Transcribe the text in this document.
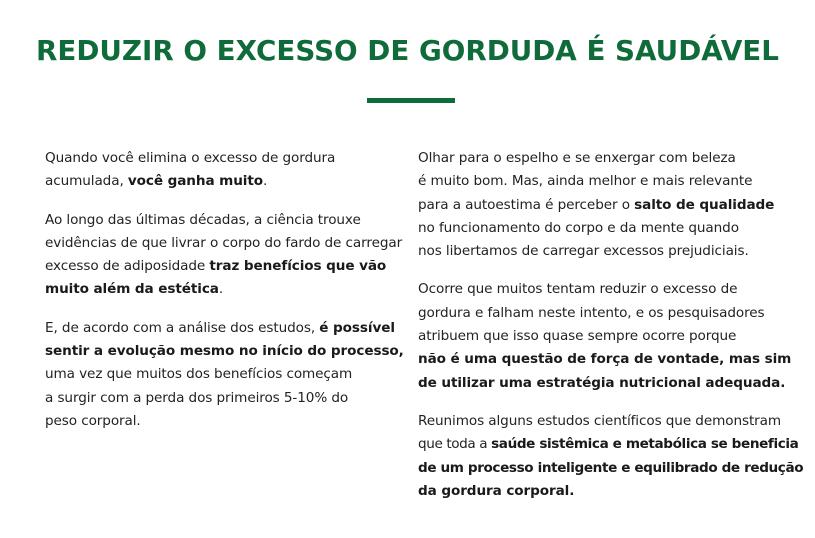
REDUZIR O EXCESSO DE GORDUDA É SAUDÁVEL

Quando você elimina o excesso de gordura
acumulada, você ganha muito.

Ao longo das últimas décadas, a ciência trouxe
evidências de que livrar o corpo do fardo de carregar
excesso de adiposidade traz benefícios que vão
muito além da estética.

E, de acordo com a análise dos estudos, é possível
sentir a evolução mesmo no início do processo,
uma vez que muitos dos benefícios começam
a surgir com a perda dos primeiros 5-10% do
peso corporal.

Olhar para o espelho e se enxergar com beleza
é muito bom. Mas, ainda melhor e mais relevante
para a autoestima é perceber o salto de qualidade
no funcionamento do corpo e da mente quando
nos libertamos de carregar excessos prejudiciais.

Ocorre que muitos tentam reduzir o excesso de
gordura e falham neste intento, e os pesquisadores
atribuem que isso quase sempre ocorre porque
não é uma questão de força de vontade, mas sim
de utilizar uma estratégia nutricional adequada.

Reunimos alguns estudos científicos que demonstram
que toda a saúde sistêmica e metabólica se beneficia
de um processo inteligente e equilibrado de redução
da gordura corporal.
